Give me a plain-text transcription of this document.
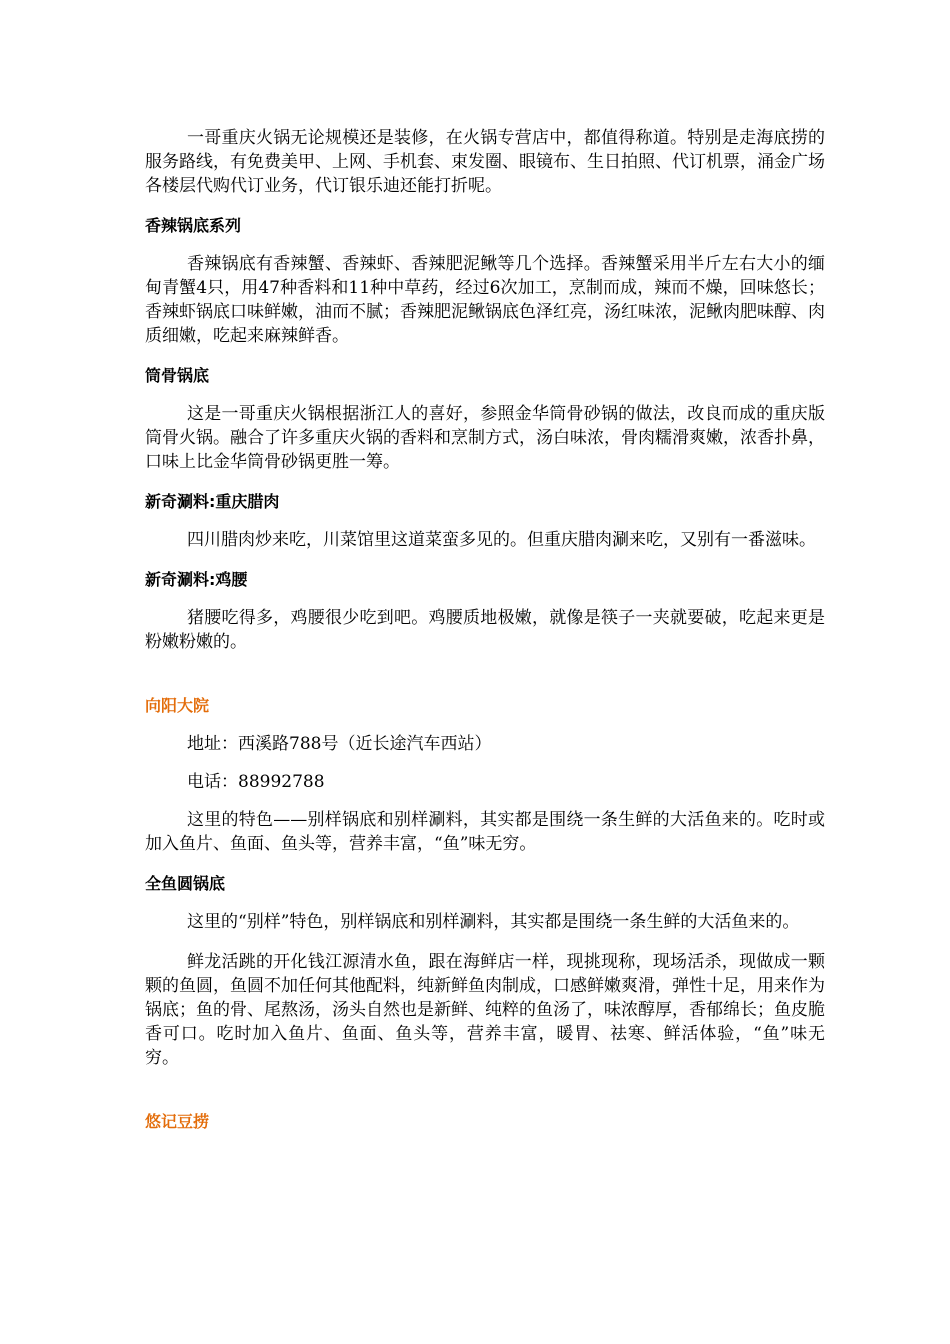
一哥重庆火锅无论规模还是装修，在火锅专营店中，都值得称道。特别是走海底捞的服务路线，有免费美甲、上网、手机套、束发圈、眼镜布、生日拍照、代订机票，涌金广场各楼层代购代订业务，代订银乐迪还能打折呢。

香辣锅底系列

香辣锅底有香辣蟹、香辣虾、香辣肥泥鳅等几个选择。香辣蟹采用半斤左右大小的缅甸青蟹4只，用47种香料和11种中草药，经过6次加工，烹制而成，辣而不燥，回味悠长；香辣虾锅底口味鲜嫩，油而不腻；香辣肥泥鳅锅底色泽红亮，汤红味浓，泥鳅肉肥味醇、肉质细嫩，吃起来麻辣鲜香。

筒骨锅底

这是一哥重庆火锅根据浙江人的喜好，参照金华筒骨砂锅的做法，改良而成的重庆版筒骨火锅。融合了许多重庆火锅的香料和烹制方式，汤白味浓，骨肉糯滑爽嫩，浓香扑鼻，口味上比金华筒骨砂锅更胜一筹。

新奇涮料:重庆腊肉

四川腊肉炒来吃，川菜馆里这道菜蛮多见的。但重庆腊肉涮来吃，又别有一番滋味。

新奇涮料:鸡腰

猪腰吃得多，鸡腰很少吃到吧。鸡腰质地极嫩，就像是筷子一夹就要破，吃起来更是粉嫩粉嫩的。

向阳大院
地址：西溪路788号（近长途汽车西站）
电话：88992788

这里的特色——别样锅底和别样涮料，其实都是围绕一条生鲜的大活鱼来的。吃时或加入鱼片、鱼面、鱼头等，营养丰富，“鱼”味无穷。

全鱼圆锅底

这里的“别样”特色，别样锅底和别样涮料，其实都是围绕一条生鲜的大活鱼来的。

鲜龙活跳的开化钱江源清水鱼，跟在海鲜店一样，现挑现称，现场活杀，现做成一颗颗的鱼圆，鱼圆不加任何其他配料，纯新鲜鱼肉制成，口感鲜嫩爽滑，弹性十足，用来作为锅底；鱼的骨、尾熬汤，汤头自然也是新鲜、纯粹的鱼汤了，味浓醇厚，香郁绵长；鱼皮脆香可口。吃时加入鱼片、鱼面、鱼头等，营养丰富，暖胃、祛寒、鲜活体验，“鱼”味无穷。

悠记豆捞
